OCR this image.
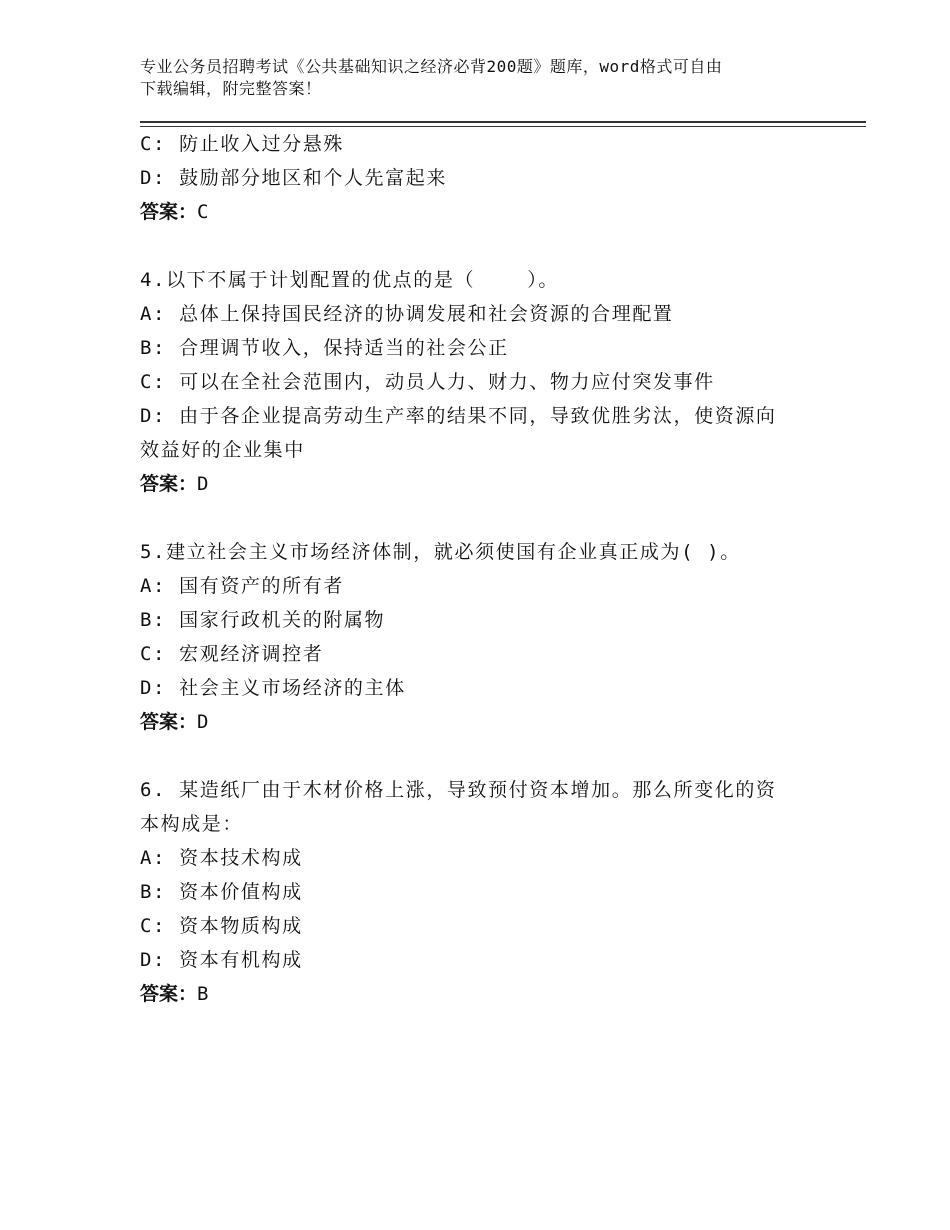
专业公务员招聘考试《公共基础知识之经济必背200题》题库，word格式可自由
下载编辑，附完整答案！

C: 防止收入过分悬殊

D: 鼓励部分地区和个人先富起来

答案：C

4.以下不属于计划配置的优点的是（    ）。

A: 总体上保持国民经济的协调发展和社会资源的合理配置

B: 合理调节收入，保持适当的社会公正

C: 可以在全社会范围内，动员人力、财力、物力应付突发事件

D: 由于各企业提高劳动生产率的结果不同，导致优胜劣汰，使资源向

效益好的企业集中

答案：D

5.建立社会主义市场经济体制，就必须使国有企业真正成为( )。

A: 国有资产的所有者

B: 国家行政机关的附属物

C: 宏观经济调控者

D: 社会主义市场经济的主体

答案：D

6. 某造纸厂由于木材价格上涨，导致预付资本增加。那么所变化的资

本构成是：

A: 资本技术构成

B: 资本价值构成

C: 资本物质构成

D: 资本有机构成

答案：B
